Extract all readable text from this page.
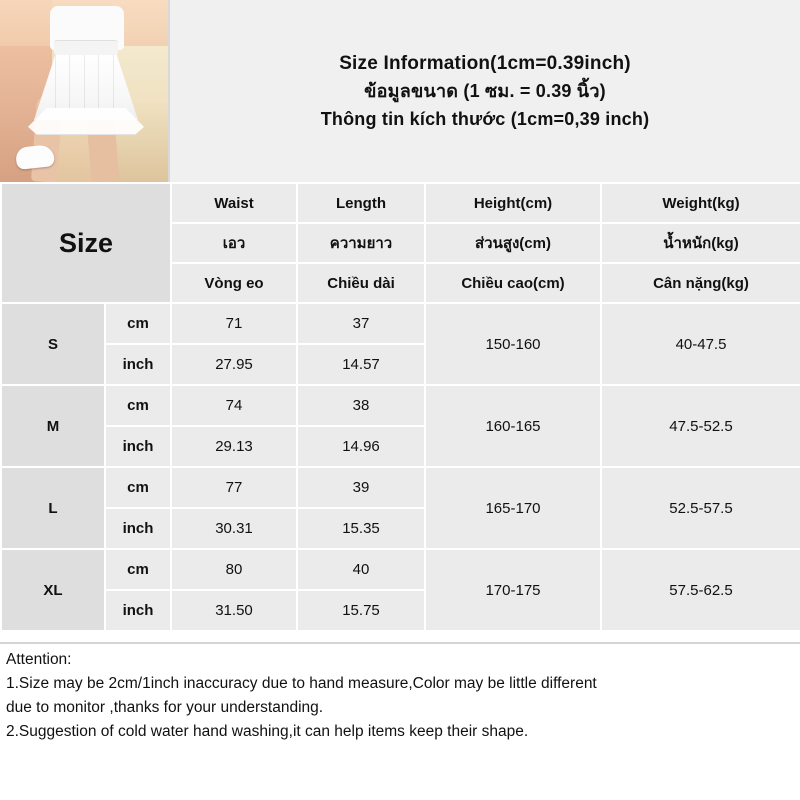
Size Information(1cm=0.39inch)
ข้อมูลขนาด (1 ซม. = 0.39 นิ้ว)
Thông tin kích thước (1cm=0,39 inch)
Size		Waist	Length	Height(cm)	Weight(kg)
		เอว	ความยาว	ส่วนสูง(cm)	น้ำหนัก(kg)
		Vòng eo	Chiều dài	Chiều cao(cm)	Cân nặng(kg)
S	cm	71	37	150-160	40-47.5
	inch	27.95	14.57		
M	cm	74	38	160-165	47.5-52.5
	inch	29.13	14.96		
L	cm	77	39	165-170	52.5-57.5
	inch	30.31	15.35		
XL	cm	80	40	170-175	57.5-62.5
	inch	31.50	15.75		

Attention:

1.Size may be 2cm/1inch inaccuracy due to hand measure,Color may be little different

due to monitor ,thanks for your understanding.

2.Suggestion of cold water hand washing,it can help items keep their shape.
